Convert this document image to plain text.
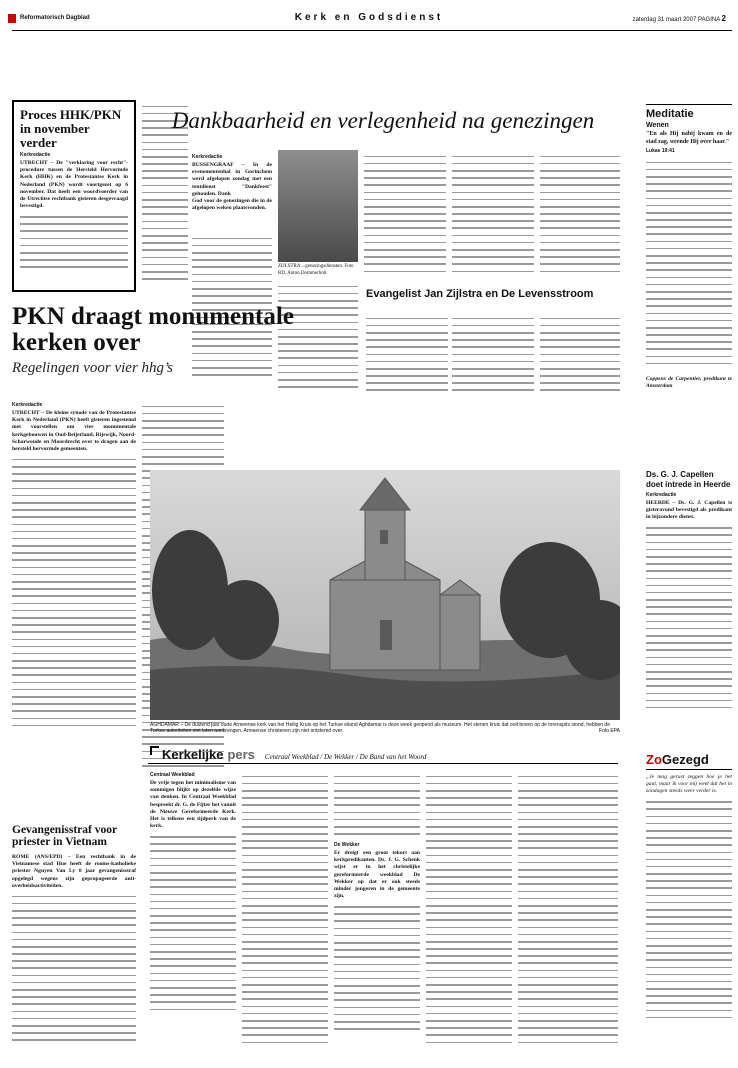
Reformatorisch Dagblad	Kerk en Godsdienst	zaterdag 31 maart 2007 PAGINA 2
Proces HHK/PKN in november verder
Kerkredactie
UTRECHT – De "verklaring voor recht"-procedure tussen de Hersteld Hervormde Kerk (HHK) en de Protestantse Kerk in Nederland (PKN) wordt voortgezet op 6 november. Dat heeft een woordvoerder van de Utrechtse rechtbank gisteren desgevraagd bevestigd.
Dankbaarheid en verlegenheid na genezingen
Kerkredactie
BUSSENGRAAF – In de evenementenhal in Gorinchem werd afgelopen zondag met een tentdienst "Dankfeest" gehouden. Dank
God voor de genezingen die in de afgelopen weken plaatsvonden.
ZIJLSTRA ...genezingsdiensten. Foto RD, Anton Dommerholt
Evangelist Jan Zijlstra en De Levensstroom
PKN draagt monumentale kerken over
Regelingen voor vier hhg’s
Kerkredactie
UTRECHT – De kleine synode van de Protestantse Kerk in Nederland (PKN) heeft gisteren ingestemd met voorstellen om vier monumentale kerkgebouwen in Oud-Beijerland, Rijswijk, Noord-Scharwoude en Moordrecht over te dragen aan de hersteld hervormde gemeenten.
AGHDAMAR – De duizend jaar oude Armeense kerk van het Heilig Kruis op het Turkse eiland Aghdamar is deze week geopend als museum. Het stenen kruis dat ooit boven op de torenspits stond, hebben de Turkse autoriteiten niet laten aanbrengen. Armeense christenen zijn niet ontstemd over.	Foto EPA
Gevangenisstraf voor priester in Vietnam
ROME (ANS/EPD) – Een rechtbank in de Vietnamese stad Hue heeft de rooms-katholieke priester Nguyen Van Ly 8 jaar gevangenisstraf opgelegd wegens zijn gepropageerde anti-overheidsactiviteiten.
Kerkelijke pers Centraal Weekblad / De Wekker / De Band van het Woord
Centraal Weekblad
De vrije tegen het minimalisme van sommigen blijkt op dezelfde wijze van denken. In Centraal Weekblad bespreekt dr. G. de Fijter het vanuit de Nieuwe Gereformeerde Kerk. Het is telkens een tijdperk van de kerk.
De Wekker
Er dreigt een groot tekort aan kerkpredikanten. Ds. J. G. Schenk wijst er in het christelijke gereformeerde weekblad De Wekker op dat er ook steeds minder jongeren in de gemeente zijn.
Meditatie
Wenen
"En als Hij nabij kwam en de stad zag, weende Hij over haar."
Lukas 19:41
Coppens de Carpentier, predikant te Amsterdam
Ds. G. J. Capellen doet intrede in Heerde
Kerkredactie
HEERDE – Ds. G. J. Capellen is gisteravond bevestigd als predikant in bijzondere dienst.
ZoGezegd
„Je mag gerust zeggen hoe je het gaat, maar ik voor mij weet dat het in zondagen steeds weer verder is.
